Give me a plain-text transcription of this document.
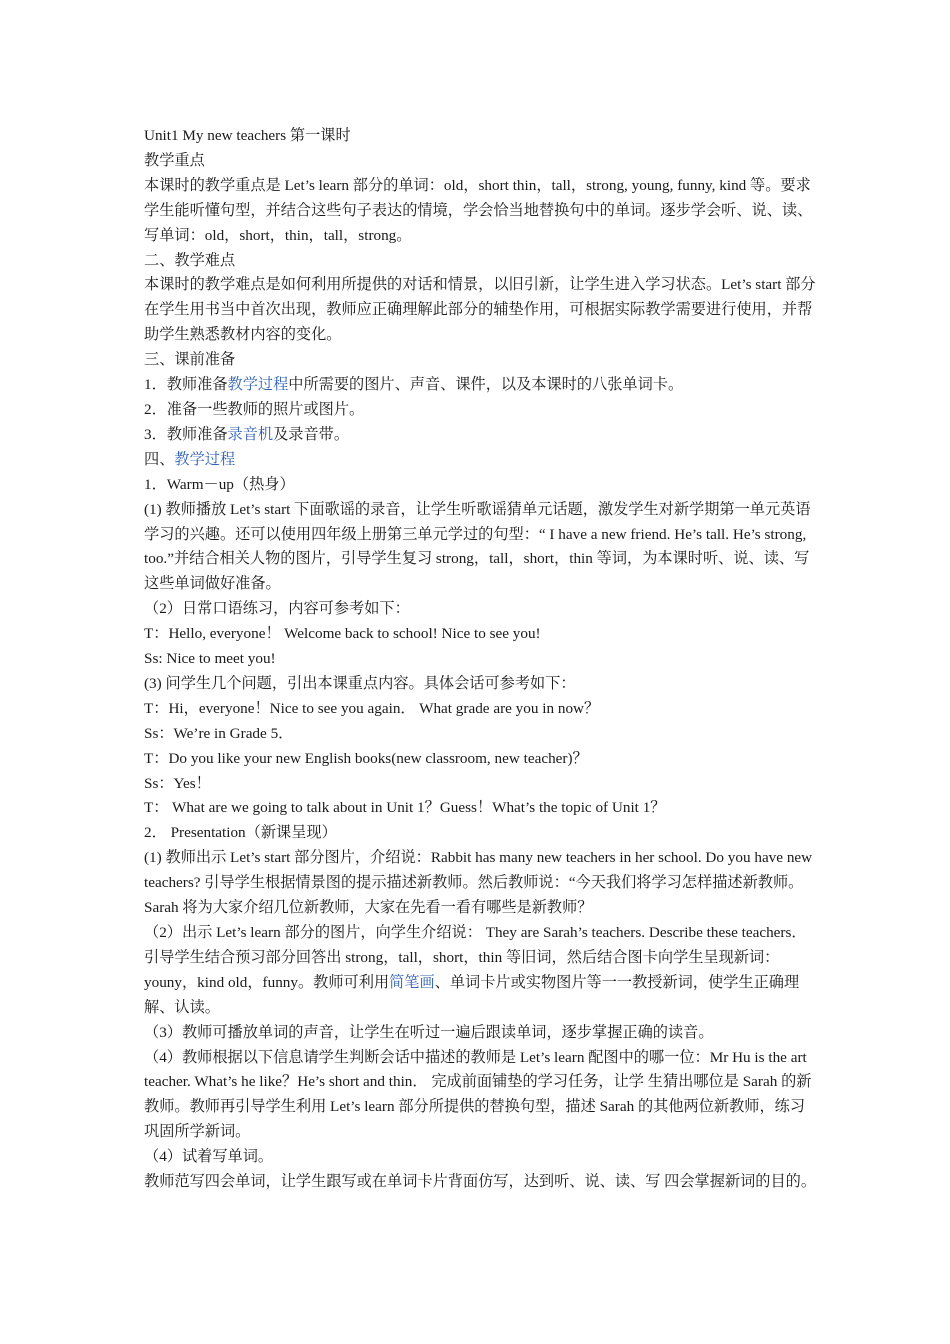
Unit1 My new teachers 第一课时

教学重点

本课时的教学重点是 Let’s learn 部分的单词：old，short thin，tall，strong, young, funny, kind 等。要求学生能听懂句型，并结合这些句子表达的情境，学会恰当地替换句中的单词。逐步学会听、说、读、写单词：old，short，thin，tall，strong。

二、教学难点

本课时的教学难点是如何利用所提供的对话和情景，以旧引新，让学生进入学习状态。Let’s start 部分在学生用书当中首次出现，教师应正确理解此部分的辅垫作用，可根据实际教学需要进行使用，并帮助学生熟悉教材内容的变化。

三、课前准备

1．教师准备教学过程中所需要的图片、声音、课件，以及本课时的八张单词卡。

2．准备一些教师的照片或图片。

3．教师准备录音机及录音带。

四、教学过程

1．Warm－up（热身）

(1) 教师播放 Let’s start 下面歌谣的录音，让学生听歌谣猜单元话题，激发学生对新学期第一单元英语学习的兴趣。还可以使用四年级上册第三单元学过的句型：“ I have a new friend. He’s tall. He’s strong, too.”并结合相关人物的图片，引导学生复习 strong，tall，short，thin 等词，为本课时听、说、读、写这些单词做好准备。

（2）日常口语练习，内容可参考如下：

T：Hello, everyone！ Welcome back to school! Nice to see you!

Ss: Nice to meet you!

(3) 问学生几个问题，引出本课重点内容。具体会话可参考如下：

T：Hi，everyone！Nice to see you again． What grade are you in now？

Ss：We’re in Grade 5．

T：Do you like your new English books(new classroom, new teacher)？

Ss：Yes！

T： What are we going to talk about in Unit 1？Guess！What’s the topic of Unit 1？

2． Presentation（新课呈现）

(1) 教师出示 Let’s start 部分图片，介绍说：Rabbit has many new teachers in her school. Do you have new teachers? 引导学生根据情景图的提示描述新教师。然后教师说：“今天我们将学习怎样描述新教师。Sarah 将为大家介绍几位新教师，大家在先看一看有哪些是新教师？

（2）出示 Let’s learn 部分的图片，向学生介绍说： They are Sarah’s teachers. Describe these teachers．引导学生结合预习部分回答出 strong，tall，short，thin 等旧词，然后结合图卡向学生呈现新词：youny，kind old，funny。教师可利用简笔画、单词卡片或实物图片等一一教授新词，使学生正确理解、认读。

（3）教师可播放单词的声音，让学生在听过一遍后跟读单词，逐步掌握正确的读音。

（4）教师根据以下信息请学生判断会话中描述的教师是 Let’s learn 配图中的哪一位：Mr Hu is the art teacher. What’s he like？He’s short and thin． 完成前面铺垫的学习任务，让学 生猜出哪位是 Sarah 的新教师。教师再引导学生利用 Let’s learn 部分所提供的替换句型，描述 Sarah 的其他两位新教师，练习巩固所学新词。

（4）试着写单词。

教师范写四会单词，让学生跟写或在单词卡片背面仿写，达到听、说、读、写 四会掌握新词的目的。
